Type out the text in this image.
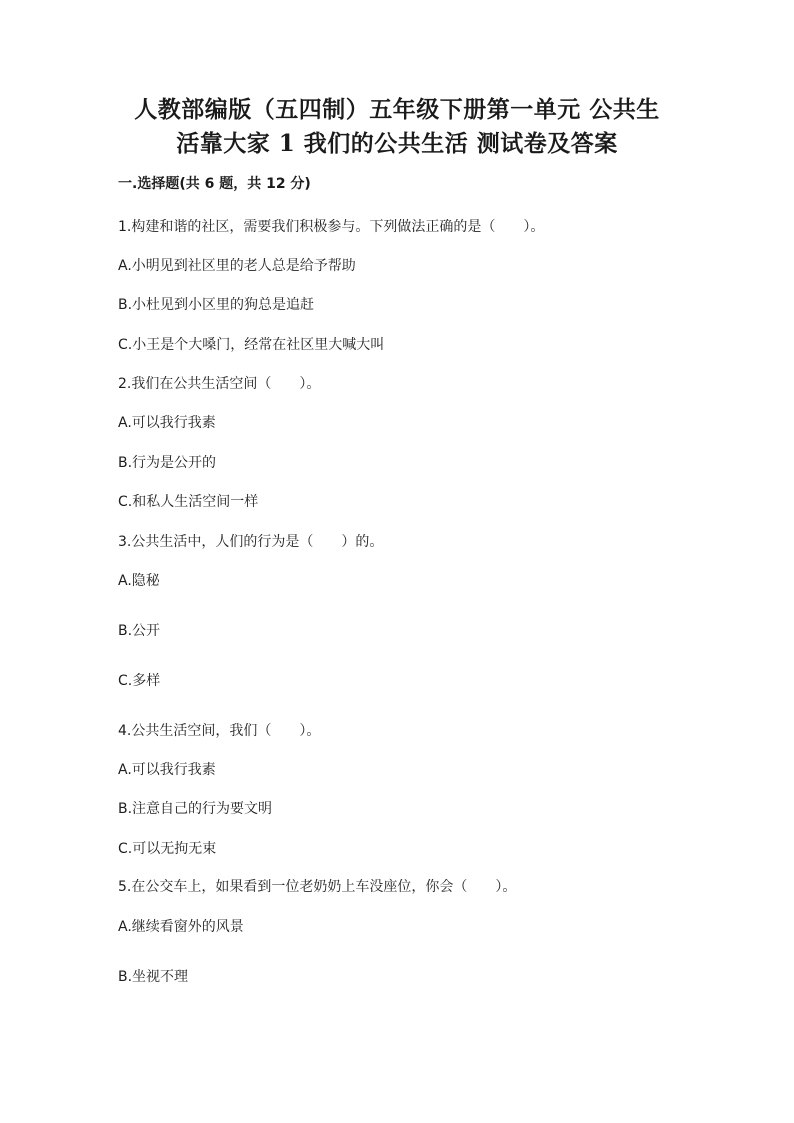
人教部编版（五四制）五年级下册第一单元 公共生
活靠大家 1 我们的公共生活 测试卷及答案
一.选择题(共 6 题，共 12 分)
1.构建和谐的社区，需要我们积极参与。下列做法正确的是（　　）。
A.小明见到社区里的老人总是给予帮助
B.小杜见到小区里的狗总是追赶
C.小王是个大嗓门，经常在社区里大喊大叫
2.我们在公共生活空间（　　）。
A.可以我行我素
B.行为是公开的
C.和私人生活空间一样
3.公共生活中，人们的行为是（　　）的。
A.隐秘
B.公开
C.多样
4.公共生活空间，我们（　　）。
A.可以我行我素
B.注意自己的行为要文明
C.可以无拘无束
5.在公交车上，如果看到一位老奶奶上车没座位，你会（　　）。
A.继续看窗外的风景
B.坐视不理
